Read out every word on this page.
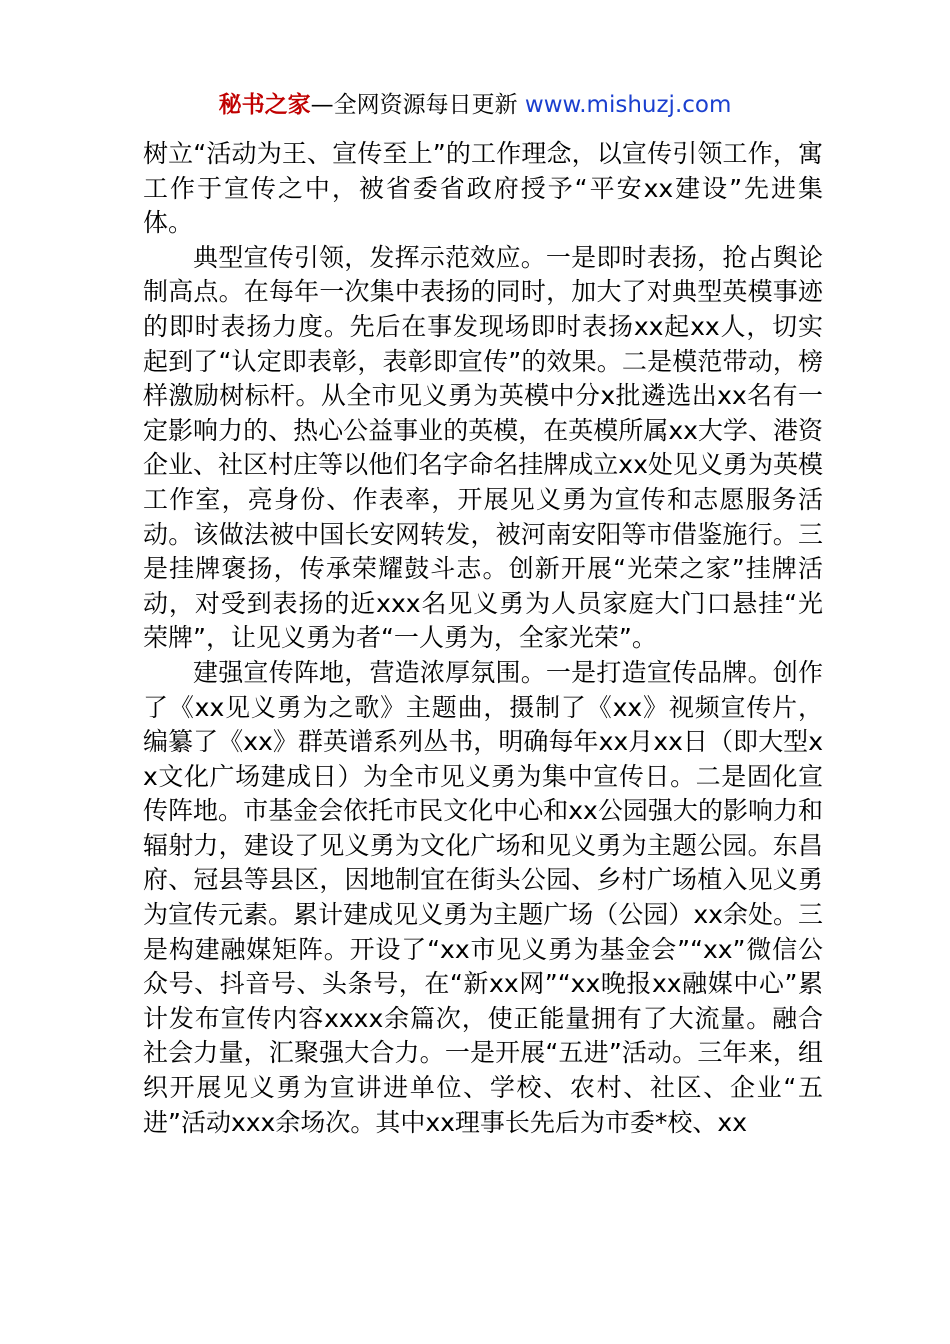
秘书之家—全网资源每日更新 www.mishuzj.com

树立“活动为王、宣传至上”的工作理念，以宣传引领工作，寓工作于宣传之中，被省委省政府授予“平安xx建设”先进集体。

典型宣传引领，发挥示范效应。一是即时表扬，抢占舆论制高点。在每年一次集中表扬的同时，加大了对典型英模事迹的即时表扬力度。先后在事发现场即时表扬xx起xx人，切实起到了“认定即表彰，表彰即宣传”的效果。二是模范带动，榜样激励树标杆。从全市见义勇为英模中分x批遴选出xx名有一定影响力的、热心公益事业的英模，在英模所属xx大学、港资企业、社区村庄等以他们名字命名挂牌成立xx处见义勇为英模工作室，亮身份、作表率，开展见义勇为宣传和志愿服务活动。该做法被中国长安网转发，被河南安阳等市借鉴施行。三是挂牌褒扬，传承荣耀鼓斗志。创新开展“光荣之家”挂牌活动，对受到表扬的近xxx名见义勇为人员家庭大门口悬挂“光荣牌”，让见义勇为者“一人勇为，全家光荣”。

建强宣传阵地，营造浓厚氛围。一是打造宣传品牌。创作了《xx见义勇为之歌》主题曲，摄制了《xx》视频宣传片，编纂了《xx》群英谱系列丛书，明确每年xx月xx日（即大型xx文化广场建成日）为全市见义勇为集中宣传日。二是固化宣传阵地。市基金会依托市民文化中心和xx公园强大的影响力和辐射力，建设了见义勇为文化广场和见义勇为主题公园。东昌府、冠县等县区，因地制宜在街头公园、乡村广场植入见义勇为宣传元素。累计建成见义勇为主题广场（公园）xx余处。三是构建融媒矩阵。开设了“xx市见义勇为基金会”“xx”微信公众号、抖音号、头条号，在“新xx网”“xx晚报xx融媒中心”累计发布宣传内容xxxx余篇次，使正能量拥有了大流量。融合社会力量，汇聚强大合力。一是开展“五进”活动。三年来，组织开展见义勇为宣讲进单位、学校、农村、社区、企业“五进”活动xxx余场次。其中xx理事长先后为市委*校、xx
